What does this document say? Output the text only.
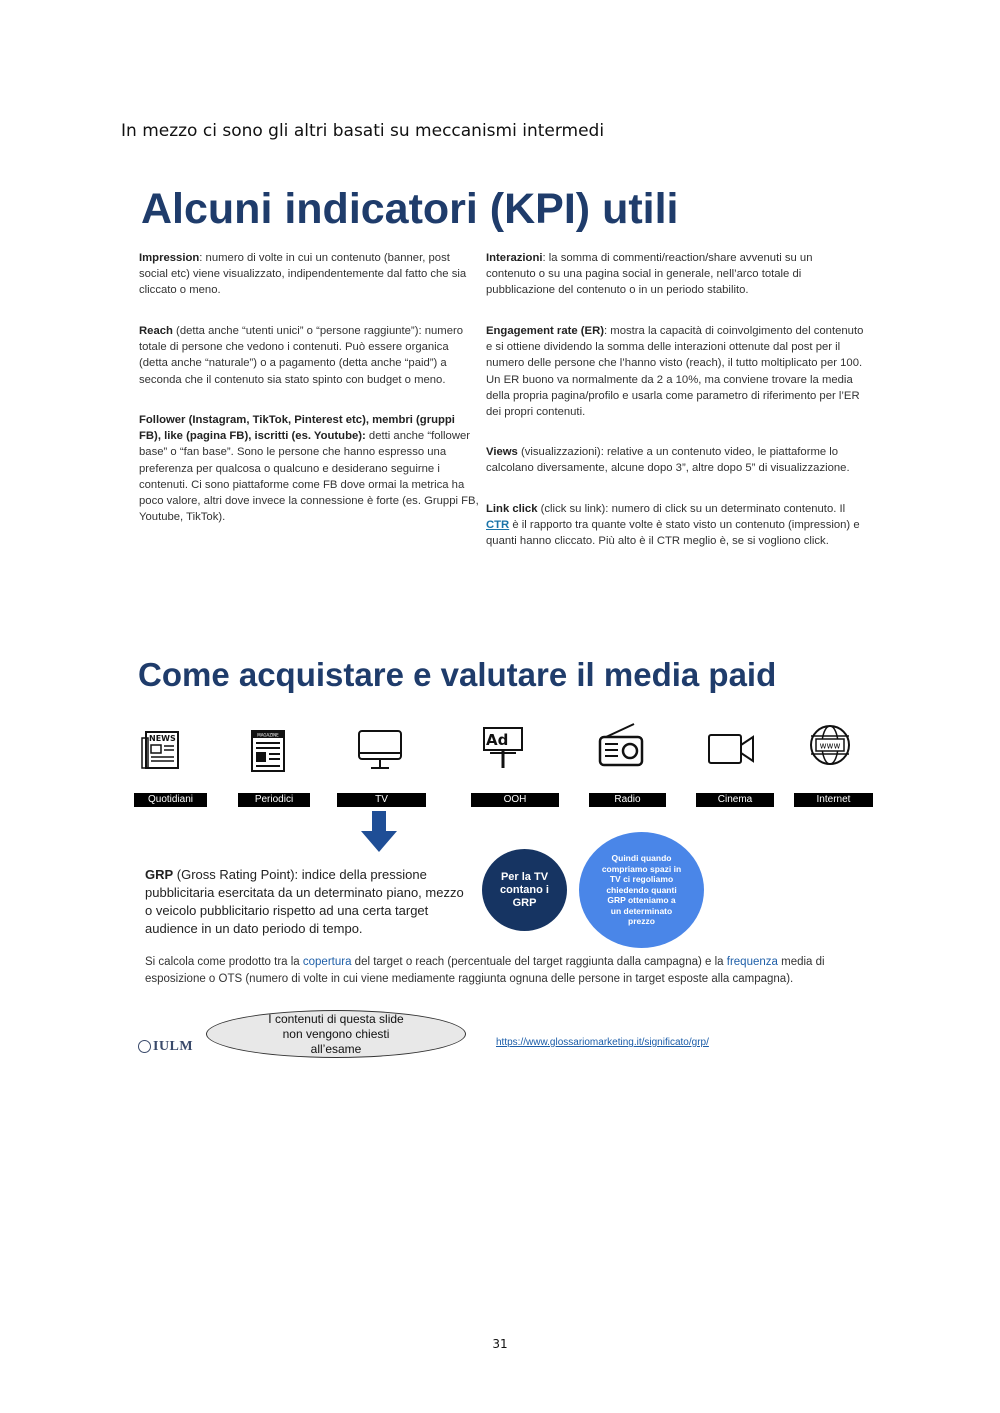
In mezzo ci sono gli altri basati su meccanismi intermedi
Alcuni indicatori (KPI) utili

Impression: numero di volte in cui un contenuto (banner, post social etc) viene visualizzato, indipendentemente dal fatto che sia cliccato o meno.

Reach (detta anche “utenti unici” o “persone raggiunte”): numero totale di persone che vedono i contenuti. Può essere organica (detta anche “naturale”) o a pagamento (detta anche “paid”) a seconda che il contenuto sia stato spinto con budget o meno.

Follower (Instagram, TikTok, Pinterest etc), membri (gruppi FB), like (pagina FB), iscritti (es. Youtube): detti anche “follower base” o “fan base”. Sono le persone che hanno espresso una preferenza per qualcosa o qualcuno e desiderano seguirne i contenuti. Ci sono piattaforme come FB dove ormai la metrica ha poco valore, altri dove invece la connessione è forte (es. Gruppi FB, Youtube, TikTok).

Interazioni: la somma di commenti/reaction/share avvenuti su un contenuto o su una pagina social in generale, nell’arco totale di pubblicazione del contenuto o in un periodo stabilito.

Engagement rate (ER): mostra la capacità di coinvolgimento del contenuto e si ottiene dividendo la somma delle interazioni ottenute dal post per il numero delle persone che l’hanno visto (reach), il tutto moltiplicato per 100. Un ER buono va normalmente da 2 a 10%, ma conviene trovare la media della propria pagina/profilo e usarla come parametro di riferimento per l’ER dei propri contenuti.

Views (visualizzazioni): relative a un contenuto video, le piattaforme lo calcolano diversamente, alcune dopo 3”, altre dopo 5” di visualizzazione.

Link click (click su link): numero di click su un determinato contenuto. Il CTR è il rapporto tra quante volte è stato visto un contenuto (impression) e quanti hanno cliccato. Più alto è il CTR meglio è, se si vogliono click.

Come acquistare e valutare il media paid
NEWS	MAGAZINE	Ad	www
Quotidiani	Periodici	TV	OOH	Radio	Cinema	Internet
GRP (Gross Rating Point): indice della pressione pubblicitaria esercitata da un determinato piano, mezzo o veicolo pubblicitario rispetto ad una certa target audience in un dato periodo di tempo.
Per la TV contano i GRP
Quindi quando compriamo spazi in TV ci regoliamo chiedendo quanti GRP otteniamo a un determinato prezzo
Si calcola come prodotto tra la copertura del target o reach (percentuale del target raggiunta dalla campagna) e la frequenza media di esposizione o OTS (numero di volte in cui viene mediamente raggiunta ognuna delle persone in target esposte alla campagna).
IULM
I contenuti di questa slide non vengono chiesti all’esame	https://www.glossariomarketing.it/significato/grp/
31
